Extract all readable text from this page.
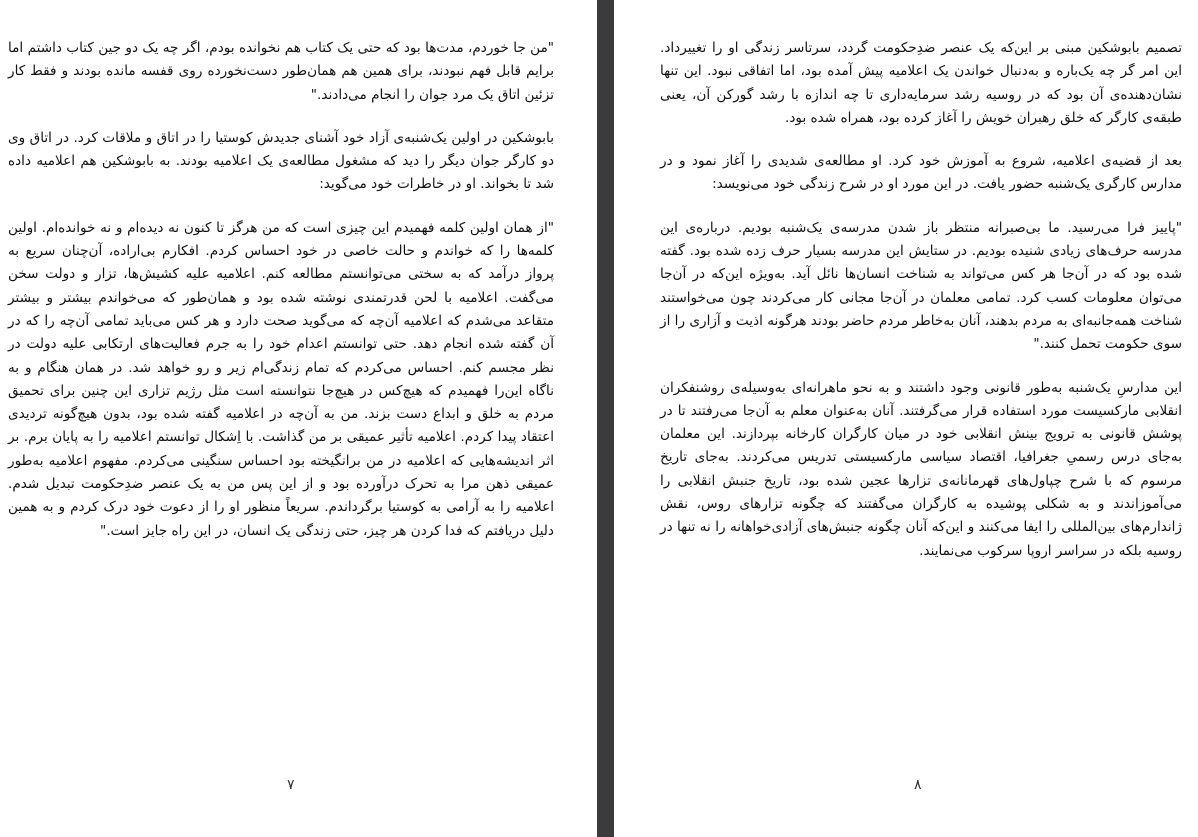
"من جا خوردم، مدت‌ها بود که حتی یک کتاب هم نخوانده بودم، اگر چه یک دو جین کتاب داشتم اما برایم قابل فهم نبودند، برای همین هم همان‌طور دست‌نخورده روی قفسه مانده بودند و فقط کار تزئین اتاق یک مرد جوان را انجام می‌دادند."

بابوشکین در اولین یک‌شنبه‌ی آزاد خود آشنای جدیدش کوستیا را در اتاق و ملاقات کرد. در اتاق وی دو کارگر جوان دیگر را دید که مشغول مطالعه‌ی یک اعلامیه بودند. به بابوشکین هم اعلامیه داده شد تا بخواند. او در خاطرات خود می‌گوید:

"از همان اولین کلمه فهمیدم این چیزی است که من هرگز تا کنون نه دیده‌ام و نه خوانده‌ام. اولین کلمه‌ها را که خواندم و حالت خاصی در خود احساس کردم. افکارم بی‌اراده، آن‌چنان سریع به پرواز درآمد که به سختی می‌توانستم مطالعه کنم. اعلامیه علیه کشیش‌ها، تزار و دولت سخن می‌گفت. اعلامیه با لحن قدرتمندی نوشته شده بود و همان‌طور که می‌خواندم بیشتر و بیشتر متقاعد می‌شدم که اعلامیه آن‌چه که می‌گوید صحت دارد و هر کس می‌باید تمامی آن‌چه را که در آن گفته شده انجام دهد. حتی توانستم اعدام خود را به جرم فعالیت‌های ارتکابی علیه دولت در نظر مجسم کنم. احساس می‌کردم که تمام زندگی‌ام زیر و رو خواهد شد. در همان هنگام و به ناگاه این‌را فهمیدم که هیچ‌کس در هیچ‌جا نتوانسته است مثل رژیم تزاری این چنین برای تحمیق مردم به خلق و ابداع دست بزند. من به آن‌چه در اعلامیه گفته شده بود، بدون هیچ‌گونه تردیدی اعتقاد پیدا کردم. اعلامیه تأثیر عمیقی بر من گذاشت. با اِشکال توانستم اعلامیه را به پایان برم. بر اثر اندیشه‌هایی که اعلامیه در من برانگیخته بود احساس سنگینی می‌کردم. مفهوم اعلامیه به‌طور عمیقی ذهن مرا به تحرک درآورده بود و از این پس من به یک عنصر ضدِحکومت تبدیل شدم. اعلامیه را به آرامی به کوستیا برگرداندم. سریعاً منظور او را از دعوت خود درک کردم و به همین دلیل دریافتم که فدا کردن هر چیز، حتی زندگی یک انسان، در این راه جایز است."

۷

تصمیم بابوشکین مبنی بر این‌که یک عنصر ضدِحکومت گردد، سرتاسر زندگی او را تغییرداد. این امر گر چه یک‌باره و به‌دنبال خواندن یک اعلامیه پیش آمده بود، اما اتفاقی نبود. این تنها نشان‌دهنده‌ی آن بود که در روسیه رشد سرمایه‌داری تا چه اندازه با رشد گورکن آن، یعنی طبقه‌ی کارگر که خلق رهبران خویش را آغاز کرده بود، همراه شده بود.

بعد از قضیه‌ی اعلامیه، شروع به آموزش خود کرد. او مطالعه‌ی شدیدی را آغاز نمود و در مدارس کارگری یک‌شنبه حضور یافت. در این مورد او در شرح زندگی خود می‌نویسد:

"پاییز فرا می‌رسید. ما بی‌صبرانه منتظر باز شدن مدرسه‌ی یک‌شنبه بودیم. درباره‌ی این مدرسه حرف‌های زیادی شنیده بودیم. در ستایش این مدرسه بسیار حرف زده شده بود. گفته شده بود که در آن‌جا هر کس می‌تواند به شناخت انسان‌ها نائل آید. به‌ویژه این‌که در آن‌جا می‌توان معلومات کسب کرد. تمامی معلمان در آن‌جا مجانی کار می‌کردند چون می‌خواستند شناخت همه‌جانبه‌ای به مردم بدهند، آنان به‌خاطر مردم حاضر بودند هرگونه اذیت و آزاری را از سوی حکومت تحمل کنند."

این مدارسِ یک‌شنبه به‌طور قانونی وجود داشتند و به نحو ماهرانه‌ای به‌وسیله‌ی روشنفکران انقلابی مارکسیست مورد استفاده قرار می‌گرفتند. آنان به‌عنوان معلم به آن‌جا می‌رفتند تا در پوشش قانونی به ترویج بینش انقلابی خود در میان کارگران کارخانه بپردازند. این معلمان به‌جای درس رسمیِ جغرافیا، اقتصاد سیاسی مارکسیستی تدریس می‌کردند. به‌جای تاریخ مرسوم که با شرح چپاول‌های قهرمانانه‌ی تزارها عجین شده بود، تاریخ جنبش انقلابی را می‌آموزاندند و به شکلی پوشیده به کارگران می‌گفتند که چگونه تزارهای روس، نقش ژاندارم‌های بین‌المللی را ایفا می‌کنند و این‌که آنان چگونه جنبش‌های آزادی‌خواهانه را نه تنها در روسیه بلکه در سراسر اروپا سرکوب می‌نمایند.

۸
